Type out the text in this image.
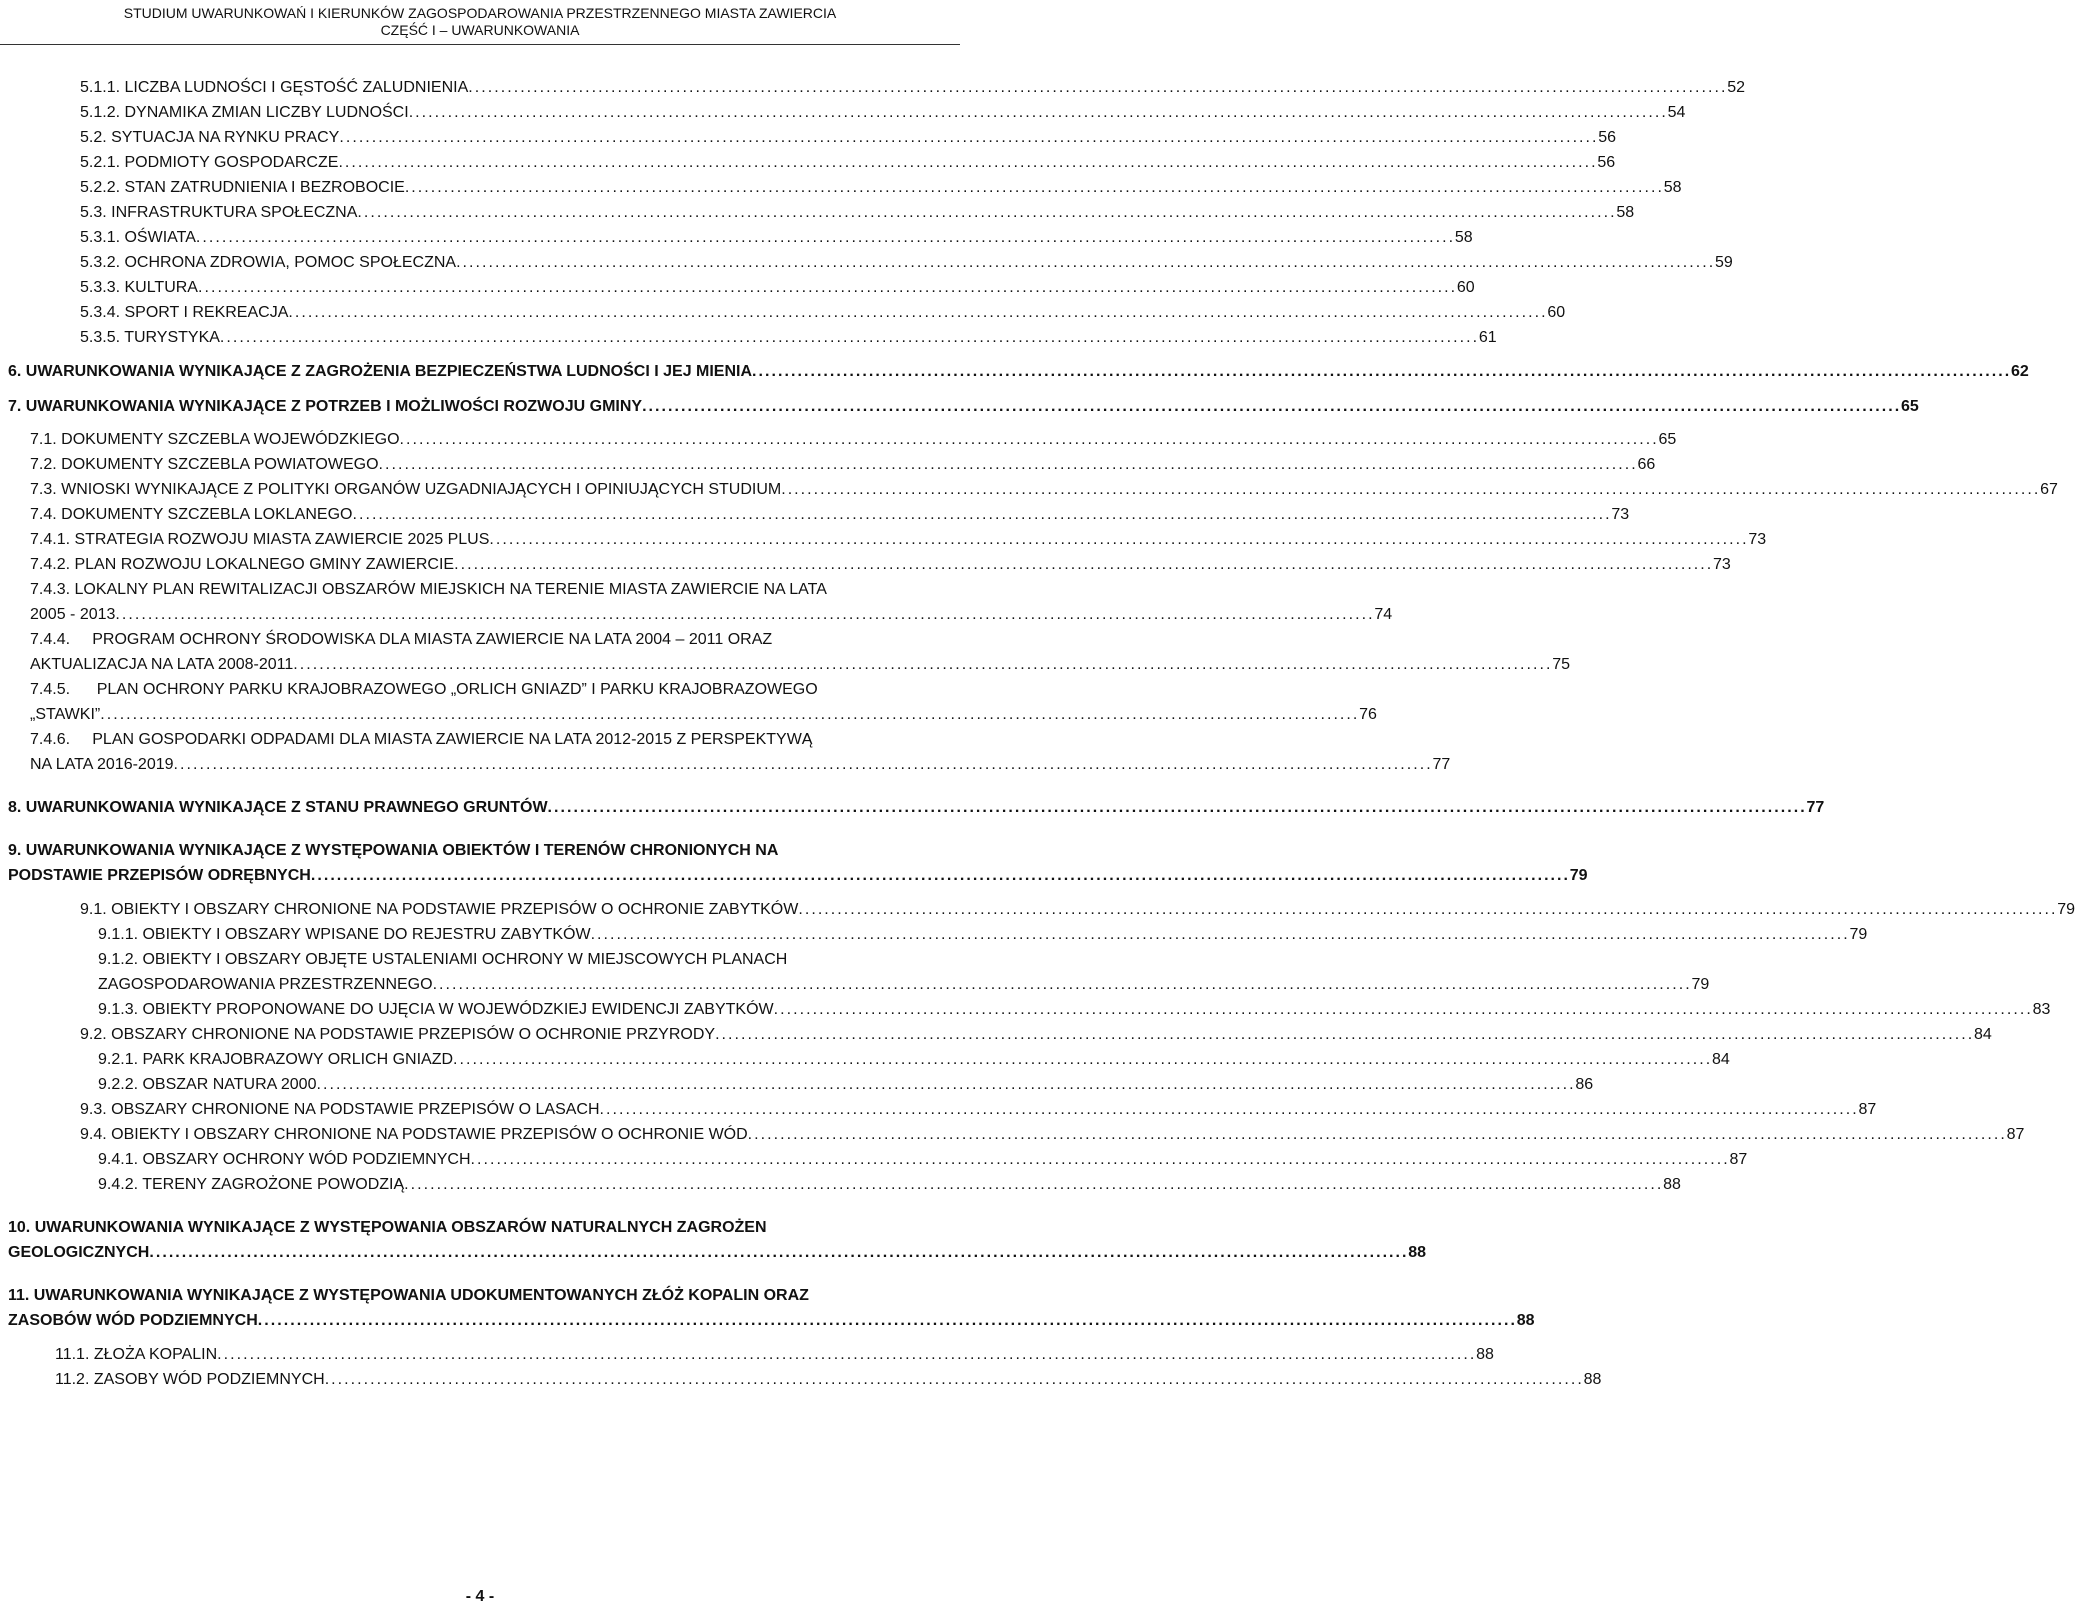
STUDIUM UWARUNKOWAŃ I KIERUNKÓW ZAGOSPODAROWANIA PRZESTRZENNEGO MIASTA ZAWIERCIA
CZĘŚĆ I – UWARUNKOWANIA
5.1.1. LICZBA LUDNOŚCI I GĘSTOŚĆ ZALUDNIENIA . . .	52
5.1.2. DYNAMIKA ZMIAN LICZBY LUDNOŚCI . . .	54
5.2. SYTUACJA NA RYNKU PRACY . . .	56
5.2.1. PODMIOTY GOSPODARCZE . . .	56
5.2.2. STAN ZATRUDNIENIA I BEZROBOCIE . . .	58
5.3. INFRASTRUKTURA SPOŁECZNA . . .	58
5.3.1. OŚWIATA . . .	58
5.3.2. OCHRONA ZDROWIA, POMOC SPOŁECZNA . . .	59
5.3.3. KULTURA . . .	60
5.3.4. SPORT I REKREACJA . . .	60
5.3.5. TURYSTYKA . . .	61
6. UWARUNKOWANIA WYNIKAJĄCE Z ZAGROŻENIA BEZPIECZEŃSTWA LUDNOŚCI I JEJ MIENIA . . .	62
7. UWARUNKOWANIA WYNIKAJĄCE Z POTRZEB I MOŻLIWOŚCI ROZWOJU GMINY . . .	65
7.1. DOKUMENTY SZCZEBLA WOJEWÓDZKIEGO . . .	65
7.2. DOKUMENTY SZCZEBLA POWIATOWEGO . . .	66
7.3. WNIOSKI WYNIKAJĄCE Z POLITYKI ORGANÓW UZGADNIAJĄCYCH I OPINIUJĄCYCH STUDIUM . . .	67
7.4. DOKUMENTY SZCZEBLA LOKLANEGO . . .	73
7.4.1. STRATEGIA ROZWOJU MIASTA ZAWIERCIE 2025 PLUS . . .	73
7.4.2. PLAN ROZWOJU LOKALNEGO GMINY ZAWIERCIE . . .	73
7.4.3. LOKALNY PLAN REWITALIZACJI OBSZARÓW MIEJSKICH NA TERENIE MIASTA ZAWIERCIE NA LATA
2005 - 2013 . . .	74
7.4.4.     PROGRAM OCHRONY ŚRODOWISKA DLA MIASTA ZAWIERCIE NA LATA 2004 – 2011 ORAZ
AKTUALIZACJA NA LATA 2008-2011 . . .	75
7.4.5.      PLAN OCHRONY PARKU KRAJOBRAZOWEGO „ORLICH GNIAZD” I PARKU KRAJOBRAZOWEGO
„STAWKI” . . .	76
7.4.6.     PLAN GOSPODARKI ODPADAMI DLA MIASTA ZAWIERCIE NA LATA 2012-2015 Z PERSPEKTYWĄ
NA LATA 2016-2019 . . .	77
8. UWARUNKOWANIA WYNIKAJĄCE Z STANU PRAWNEGO GRUNTÓW . . .	77
9. UWARUNKOWANIA WYNIKAJĄCE Z WYSTĘPOWANIA OBIEKTÓW I TERENÓW CHRONIONYCH NA
PODSTAWIE PRZEPISÓW ODRĘBNYCH . . .	79
9.1. OBIEKTY I OBSZARY CHRONIONE NA PODSTAWIE PRZEPISÓW O OCHRONIE ZABYTKÓW . . .	79
9.1.1. OBIEKTY I OBSZARY WPISANE DO REJESTRU ZABYTKÓW . . .	79
9.1.2. OBIEKTY I OBSZARY OBJĘTE USTALENIAMI OCHRONY W MIEJSCOWYCH PLANACH
ZAGOSPODAROWANIA PRZESTRZENNEGO . . .	79
9.1.3. OBIEKTY PROPONOWANE DO UJĘCIA W WOJEWÓDZKIEJ EWIDENCJI ZABYTKÓW . . .	83
9.2. OBSZARY CHRONIONE NA PODSTAWIE PRZEPISÓW O OCHRONIE PRZYRODY . . .	84
9.2.1. PARK KRAJOBRAZOWY ORLICH GNIAZD . . .	84
9.2.2. OBSZAR NATURA 2000 . . .	86
9.3. OBSZARY CHRONIONE NA PODSTAWIE PRZEPISÓW O LASACH . . .	87
9.4. OBIEKTY I OBSZARY CHRONIONE NA PODSTAWIE PRZEPISÓW O OCHRONIE WÓD . . .	87
9.4.1. OBSZARY OCHRONY WÓD PODZIEMNYCH . . .	87
9.4.2. TERENY ZAGROŻONE POWODZIĄ . . .	88
10. UWARUNKOWANIA WYNIKAJĄCE Z WYSTĘPOWANIA OBSZARÓW NATURALNYCH ZAGROŻEN
GEOLOGICZNYCH . . .	88
11. UWARUNKOWANIA WYNIKAJĄCE Z WYSTĘPOWANIA UDOKUMENTOWANYCH ZŁÓŻ KOPALIN ORAZ
ZASOBÓW WÓD PODZIEMNYCH . . .	88
11.1. ZŁOŻA KOPALIN . . .	88
11.2. ZASOBY WÓD PODZIEMNYCH . . .	88
- 4 -
